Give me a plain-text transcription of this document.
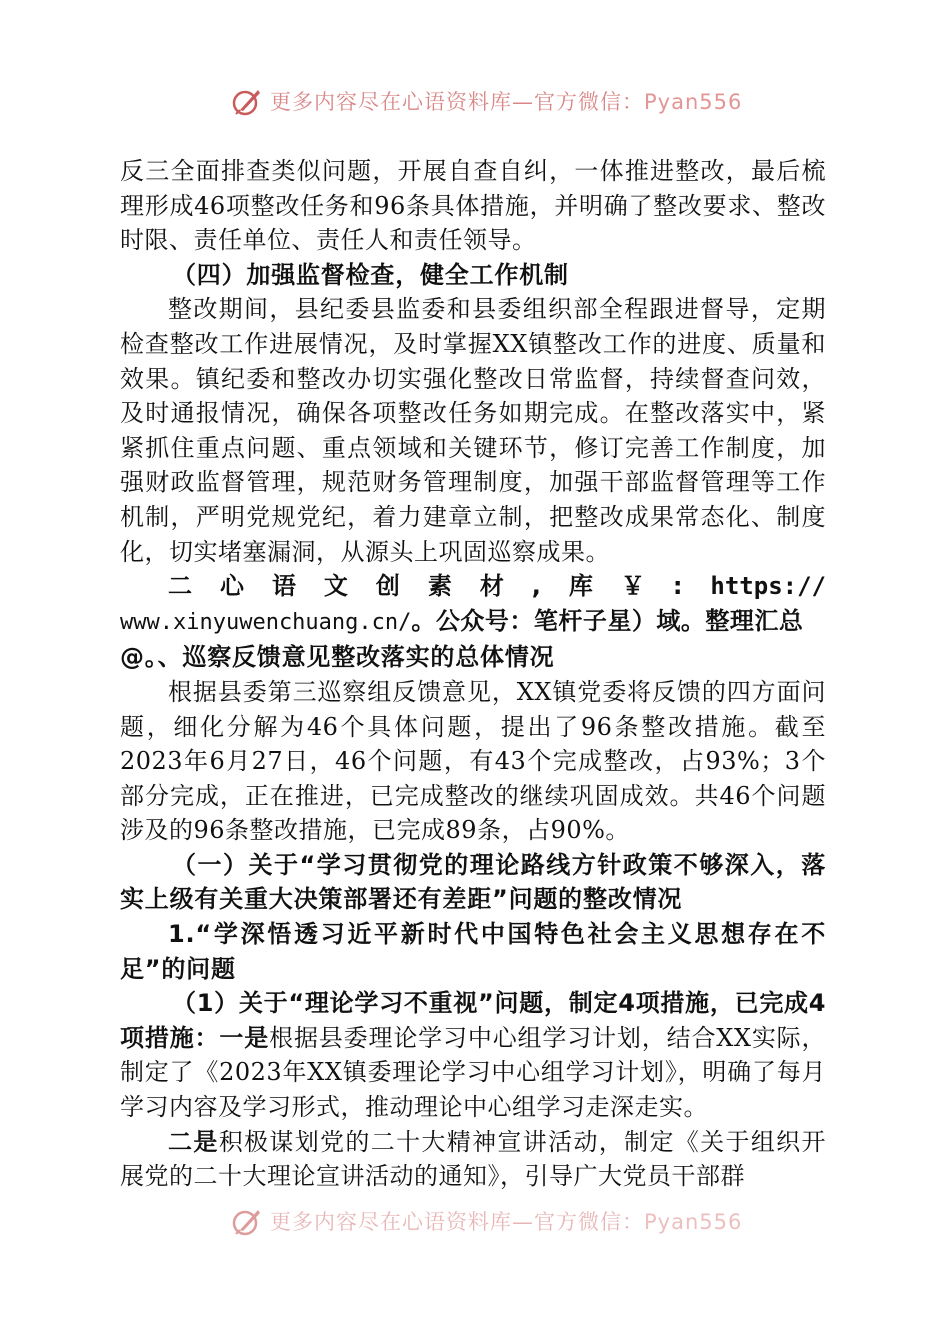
更多内容尽在心语资料库—官方微信：Pyan556

反三全面排查类似问题，开展自查自纠，一体推进整改，最后梳理形成46项整改任务和96条具体措施，并明确了整改要求、整改时限、责任单位、责任人和责任领导。

（四）加强监督检查，健全工作机制

整改期间，县纪委县监委和县委组织部全程跟进督导，定期检查整改工作进展情况，及时掌握XX镇整改工作的进度、质量和效果。镇纪委和整改办切实强化整改日常监督，持续督查问效，及时通报情况，确保各项整改任务如期完成。在整改落实中，紧紧抓住重点问题、重点领域和关键环节，修订完善工作制度，加强财政监督管理，规范财务管理制度，加强干部监督管理等工作机制，严明党规党纪，着力建章立制，把整改成果常态化、制度化，切实堵塞漏洞，从源头上巩固巡察成果。

二 心 语 文 创 素 材 , 库 ￥ : https://

www.xinyuwenchuang.cn/。公众号：笔杆子星）域。整理汇总

@。、巡察反馈意见整改落实的总体情况

根据县委第三巡察组反馈意见，XX镇党委将反馈的四方面问题，细化分解为46个具体问题，提出了96条整改措施。截至2023年6月27日，46个问题，有43个完成整改，占93%；3个部分完成，正在推进，已完成整改的继续巩固成效。共46个问题涉及的96条整改措施，已完成89条，占90%。

（一）关于“学习贯彻党的理论路线方针政策不够深入，落实上级有关重大决策部署还有差距”问题的整改情况

1.“学深悟透习近平新时代中国特色社会主义思想存在不足”的问题

（1）关于“理论学习不重视”问题，制定4项措施，已完成4项措施：一是根据县委理论学习中心组学习计划，结合XX实际，制定了《2023年XX镇委理论学习中心组学习计划》，明确了每月学习内容及学习形式，推动理论中心组学习走深走实。

二是积极谋划党的二十大精神宣讲活动，制定《关于组织开展党的二十大理论宣讲活动的通知》，引导广大党员干部群

更多内容尽在心语资料库—官方微信：Pyan556
